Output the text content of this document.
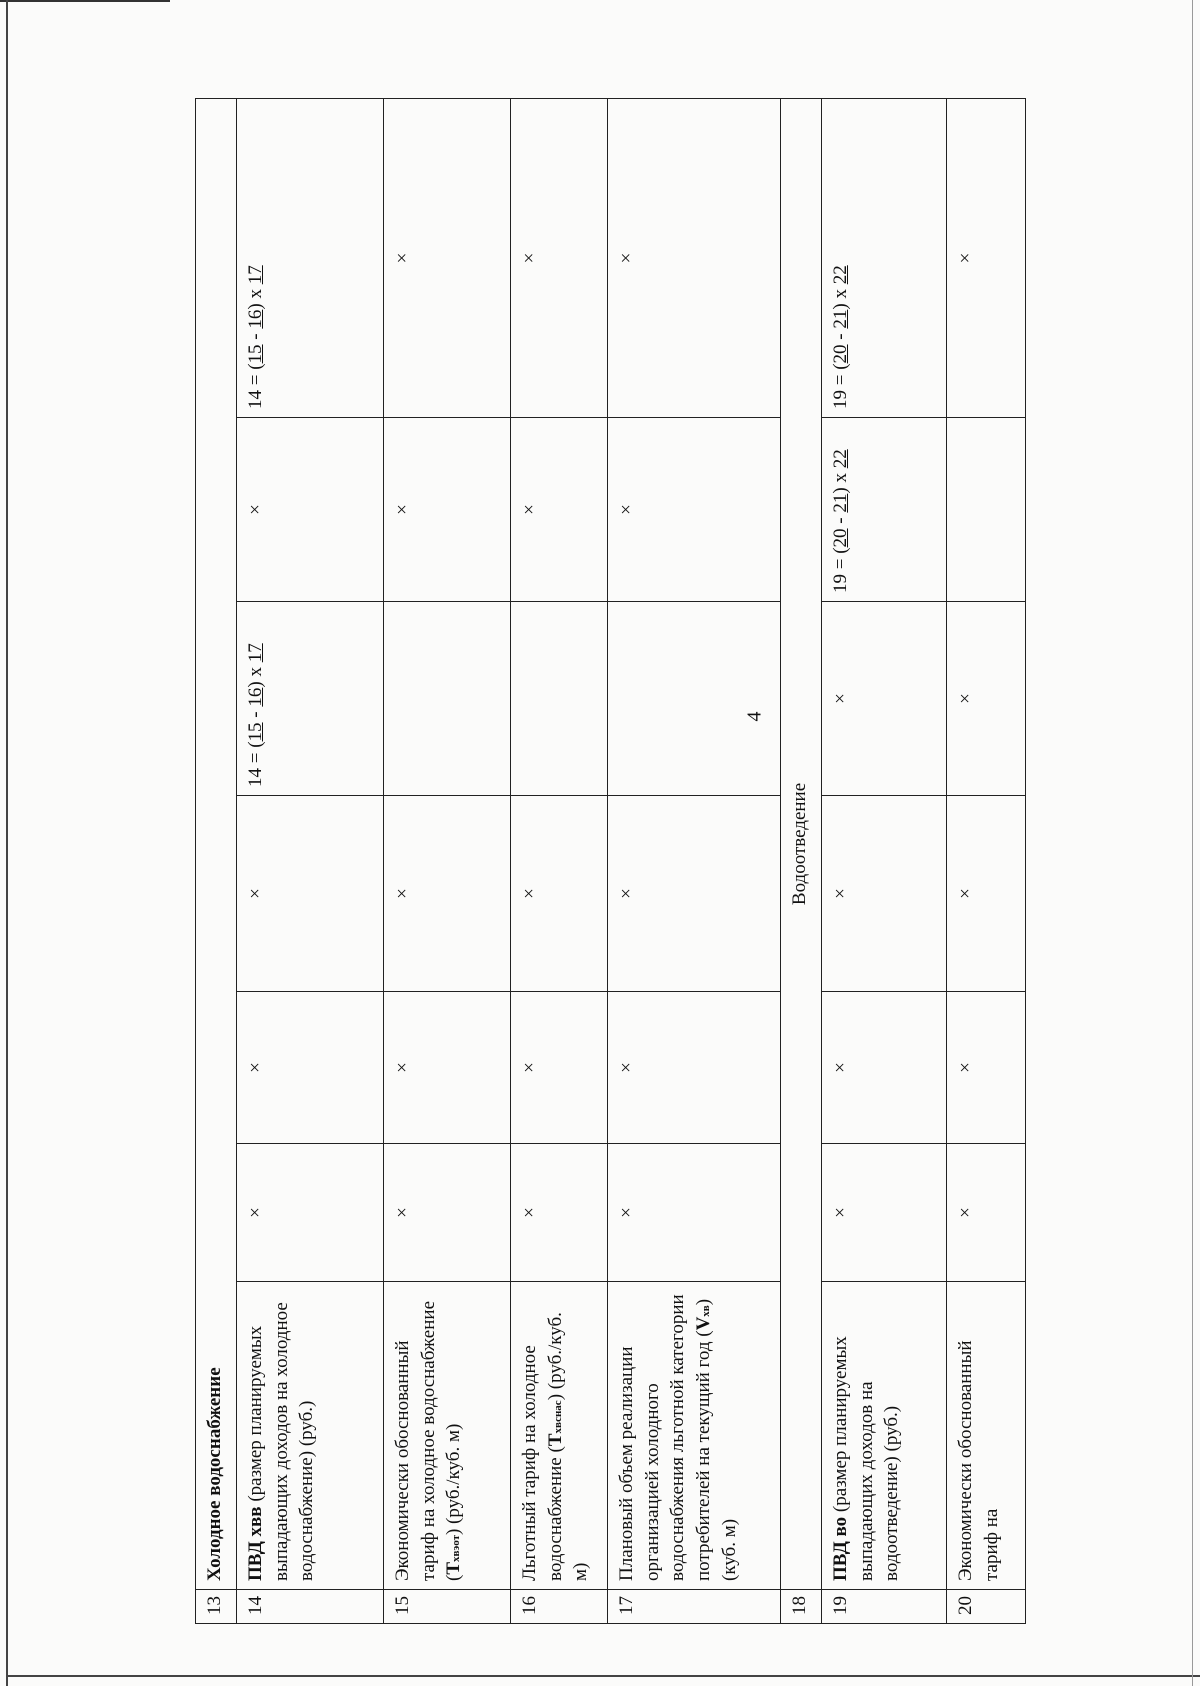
4
13	Холодное водоснабжение						
14	ПВД хвв (размер планируемых выпадающих доходов на холодное водоснабжение) (руб.)	×	×	×	14 = (15 - 16) x 17	×	14 = (15 - 16) x 17
15	Экономически обоснованный тариф на холодное водоснабжение (Тхвэот) (руб./куб. м)	×	×	×		×	×
16	Льготный тариф на холодное водоснабжение (Тхвснас) (руб./куб. м)	×	×	×		×	×
17	Плановый объем реализации организацией холодного водоснабжения льготной категории потребителей на текущий год (Vхв) (куб. м)	×	×	×		×	×
18	Водоотведение						
19	ПВД во (размер планируемых выпадающих доходов на водоотведение) (руб.)	×	×	×	×	19 = (20 - 21) x 22	19 = (20 - 21) x 22
20	Экономически обоснованный тариф на	×	×	×	×		×
